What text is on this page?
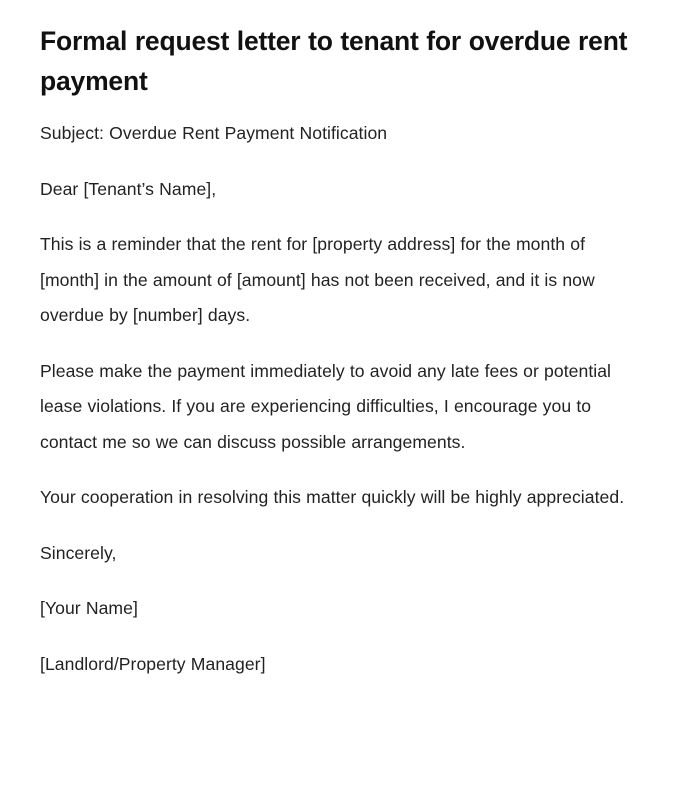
Formal request letter to tenant for overdue rent payment

Subject: Overdue Rent Payment Notification

Dear [Tenant’s Name],

This is a reminder that the rent for [property address] for the month of [month] in the amount of [amount] has not been received, and it is now overdue by [number] days.

Please make the payment immediately to avoid any late fees or potential lease violations. If you are experiencing difficulties, I encourage you to contact me so we can discuss possible arrangements.

Your cooperation in resolving this matter quickly will be highly appreciated.

Sincerely,

[Your Name]

[Landlord/Property Manager]
